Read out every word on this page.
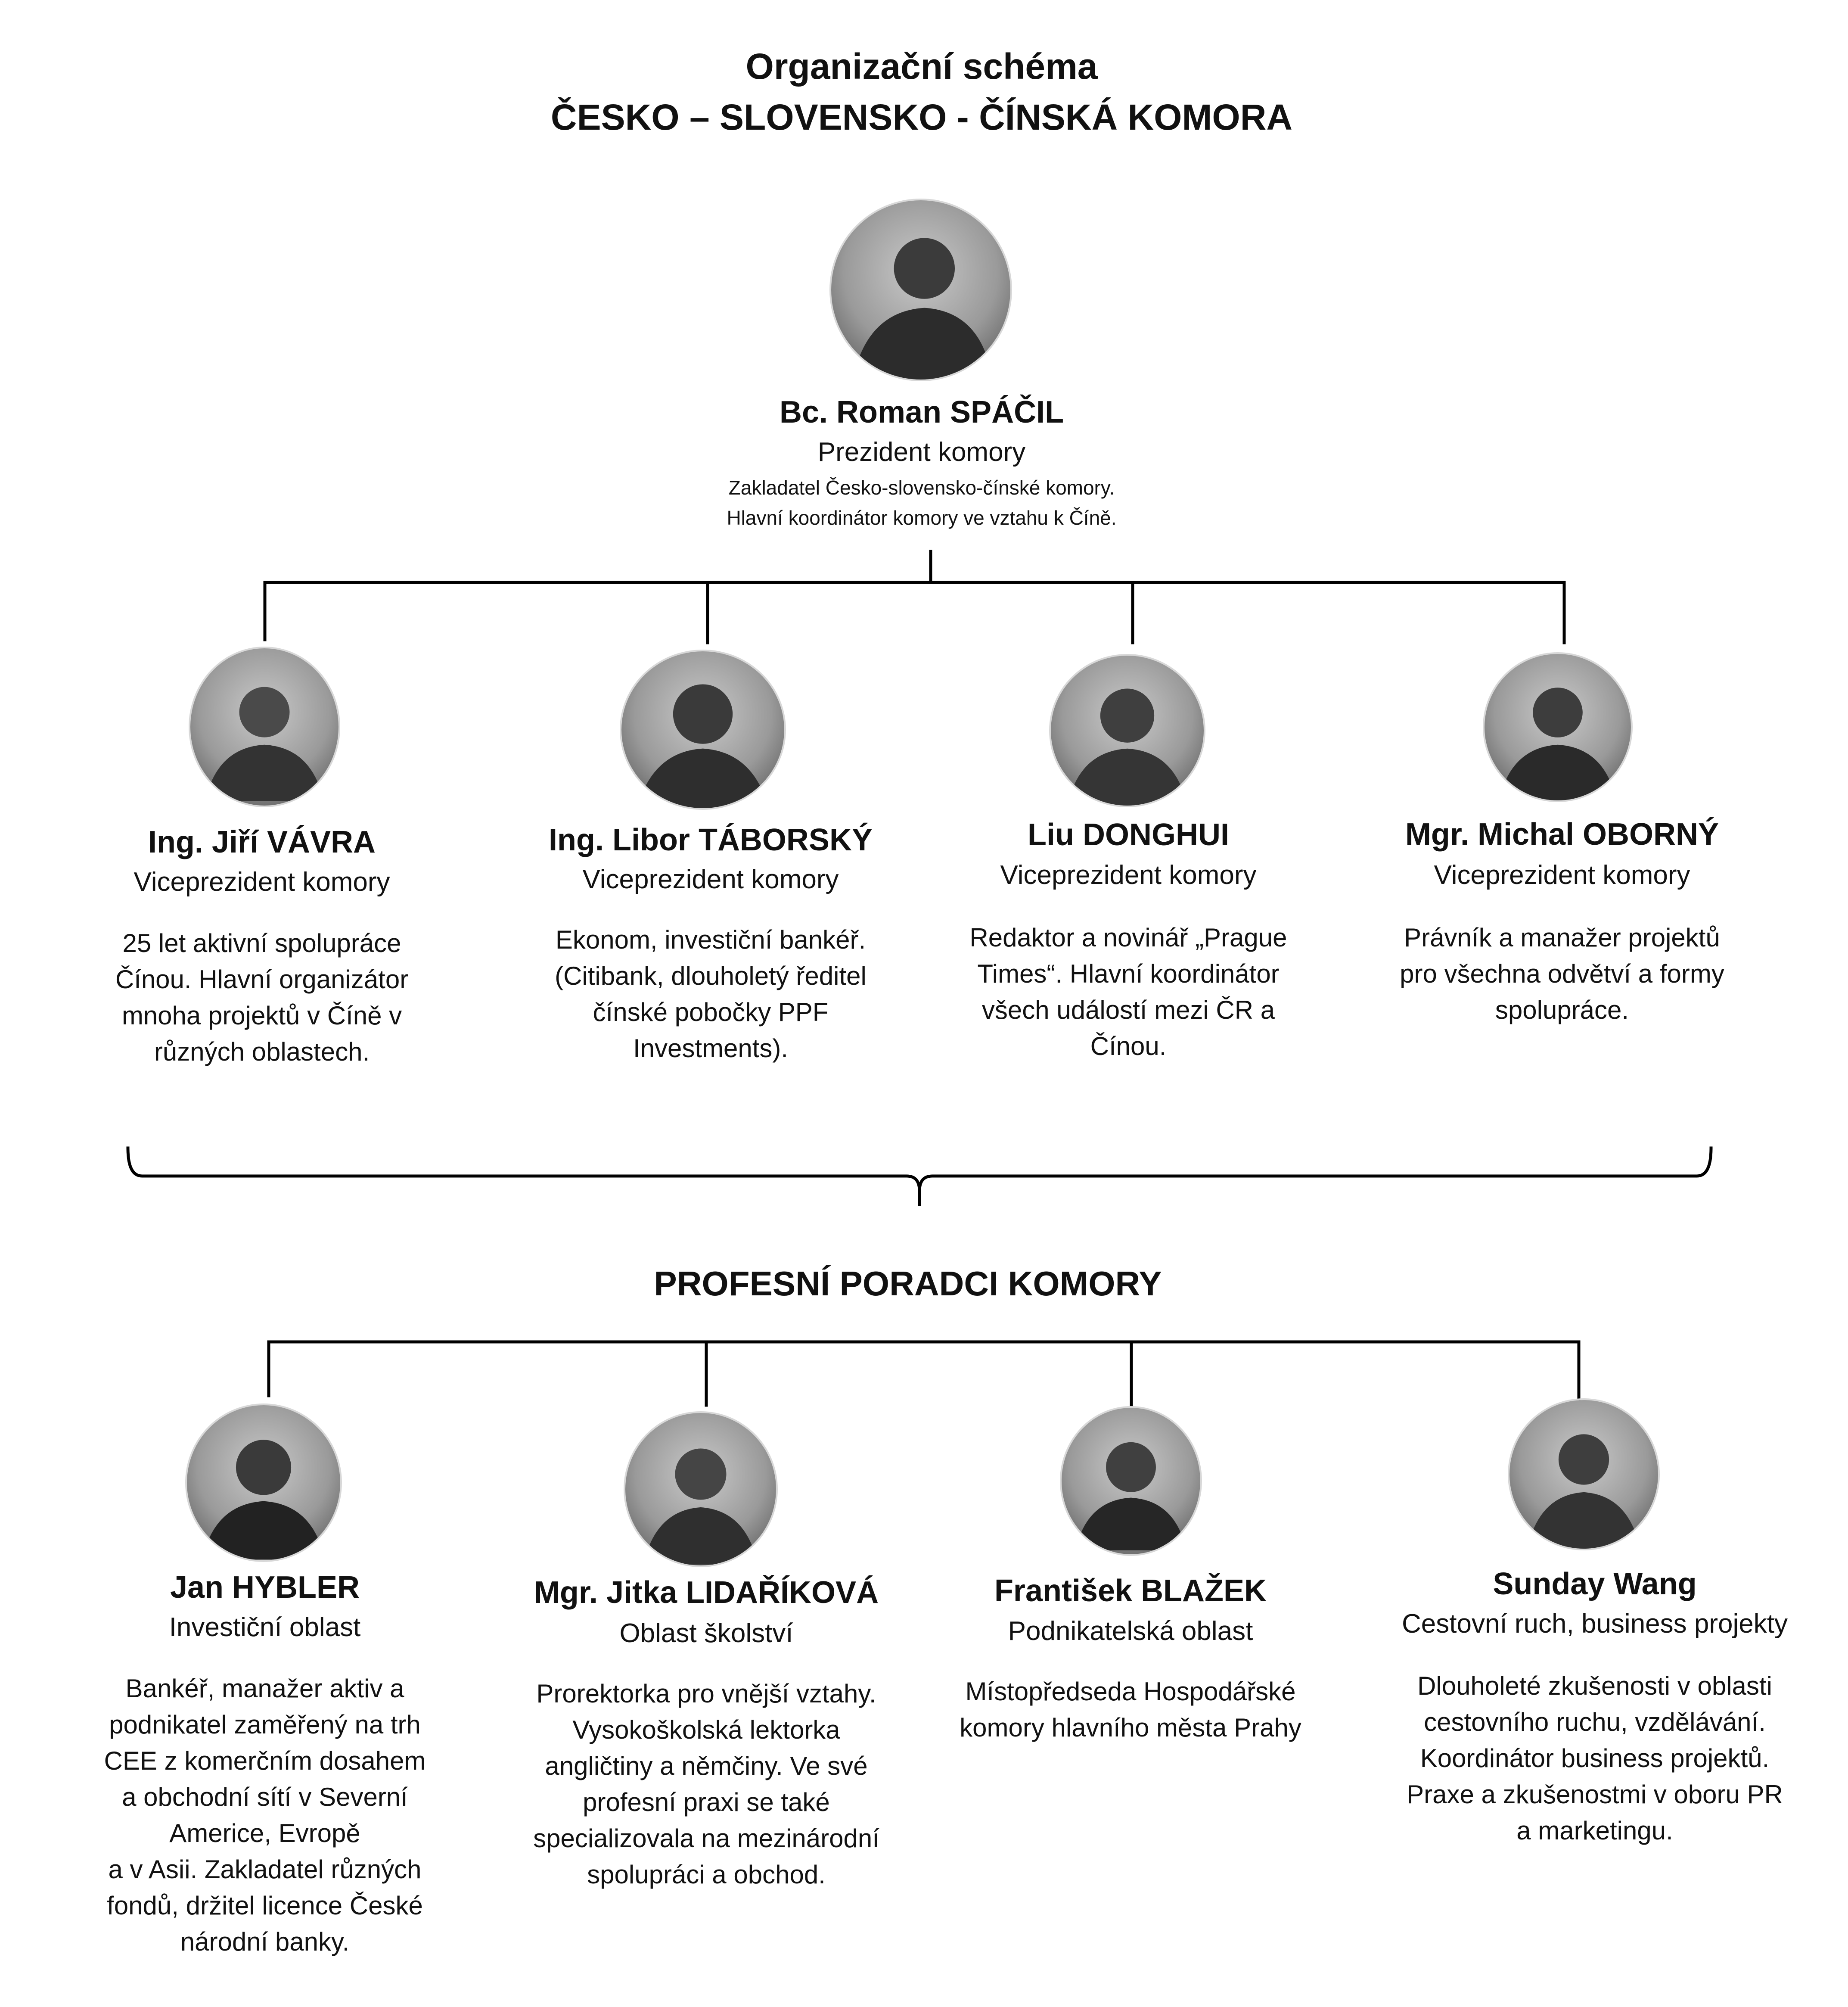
Organizační schéma
ČESKO – SLOVENSKO - ČÍNSKÁ KOMORA
Bc. Roman SPÁČIL
Prezident komory
Zakladatel Česko-slovensko-čínské komory.
Hlavní koordinátor komory ve vztahu k Číně.
Ing. Jiří VÁVRA
Viceprezident komory
25 let aktivní spolupráce
Čínou. Hlavní organizátor
mnoha projektů v Číně v
různých oblastech.
Ing. Libor TÁBORSKÝ
Viceprezident komory
Ekonom, investiční bankéř.
(Citibank, dlouholetý ředitel
čínské pobočky PPF
Investments).
Liu DONGHUI
Viceprezident komory
Redaktor a novinář „Prague
Times“. Hlavní koordinátor
všech událostí mezi ČR a
Čínou.
Mgr. Michal OBORNÝ
Viceprezident komory
Právník a manažer projektů
pro všechna odvětví a formy
spolupráce.
PROFESNÍ PORADCI KOMORY
Jan HYBLER
Investiční oblast
Bankéř, manažer aktiv a
podnikatel zaměřený na trh
CEE z komerčním dosahem
a obchodní sítí v Severní
Americe, Evropě
a v Asii. Zakladatel různých
fondů, držitel licence České
národní banky.
Mgr. Jitka LIDAŘÍKOVÁ
Oblast školství
Prorektorka pro vnější vztahy.
Vysokoškolská lektorka
angličtiny a němčiny. Ve své
profesní praxi se také
specializovala na mezinárodní
spolupráci a obchod.
František BLAŽEK
Podnikatelská oblast
Místopředseda Hospodářské
komory hlavního města Prahy
Sunday Wang
Cestovní ruch, business projekty
Dlouholeté zkušenosti v oblasti
cestovního ruchu, vzdělávání.
Koordinátor business projektů.
Praxe a zkušenostmi v oboru PR
a marketingu.
